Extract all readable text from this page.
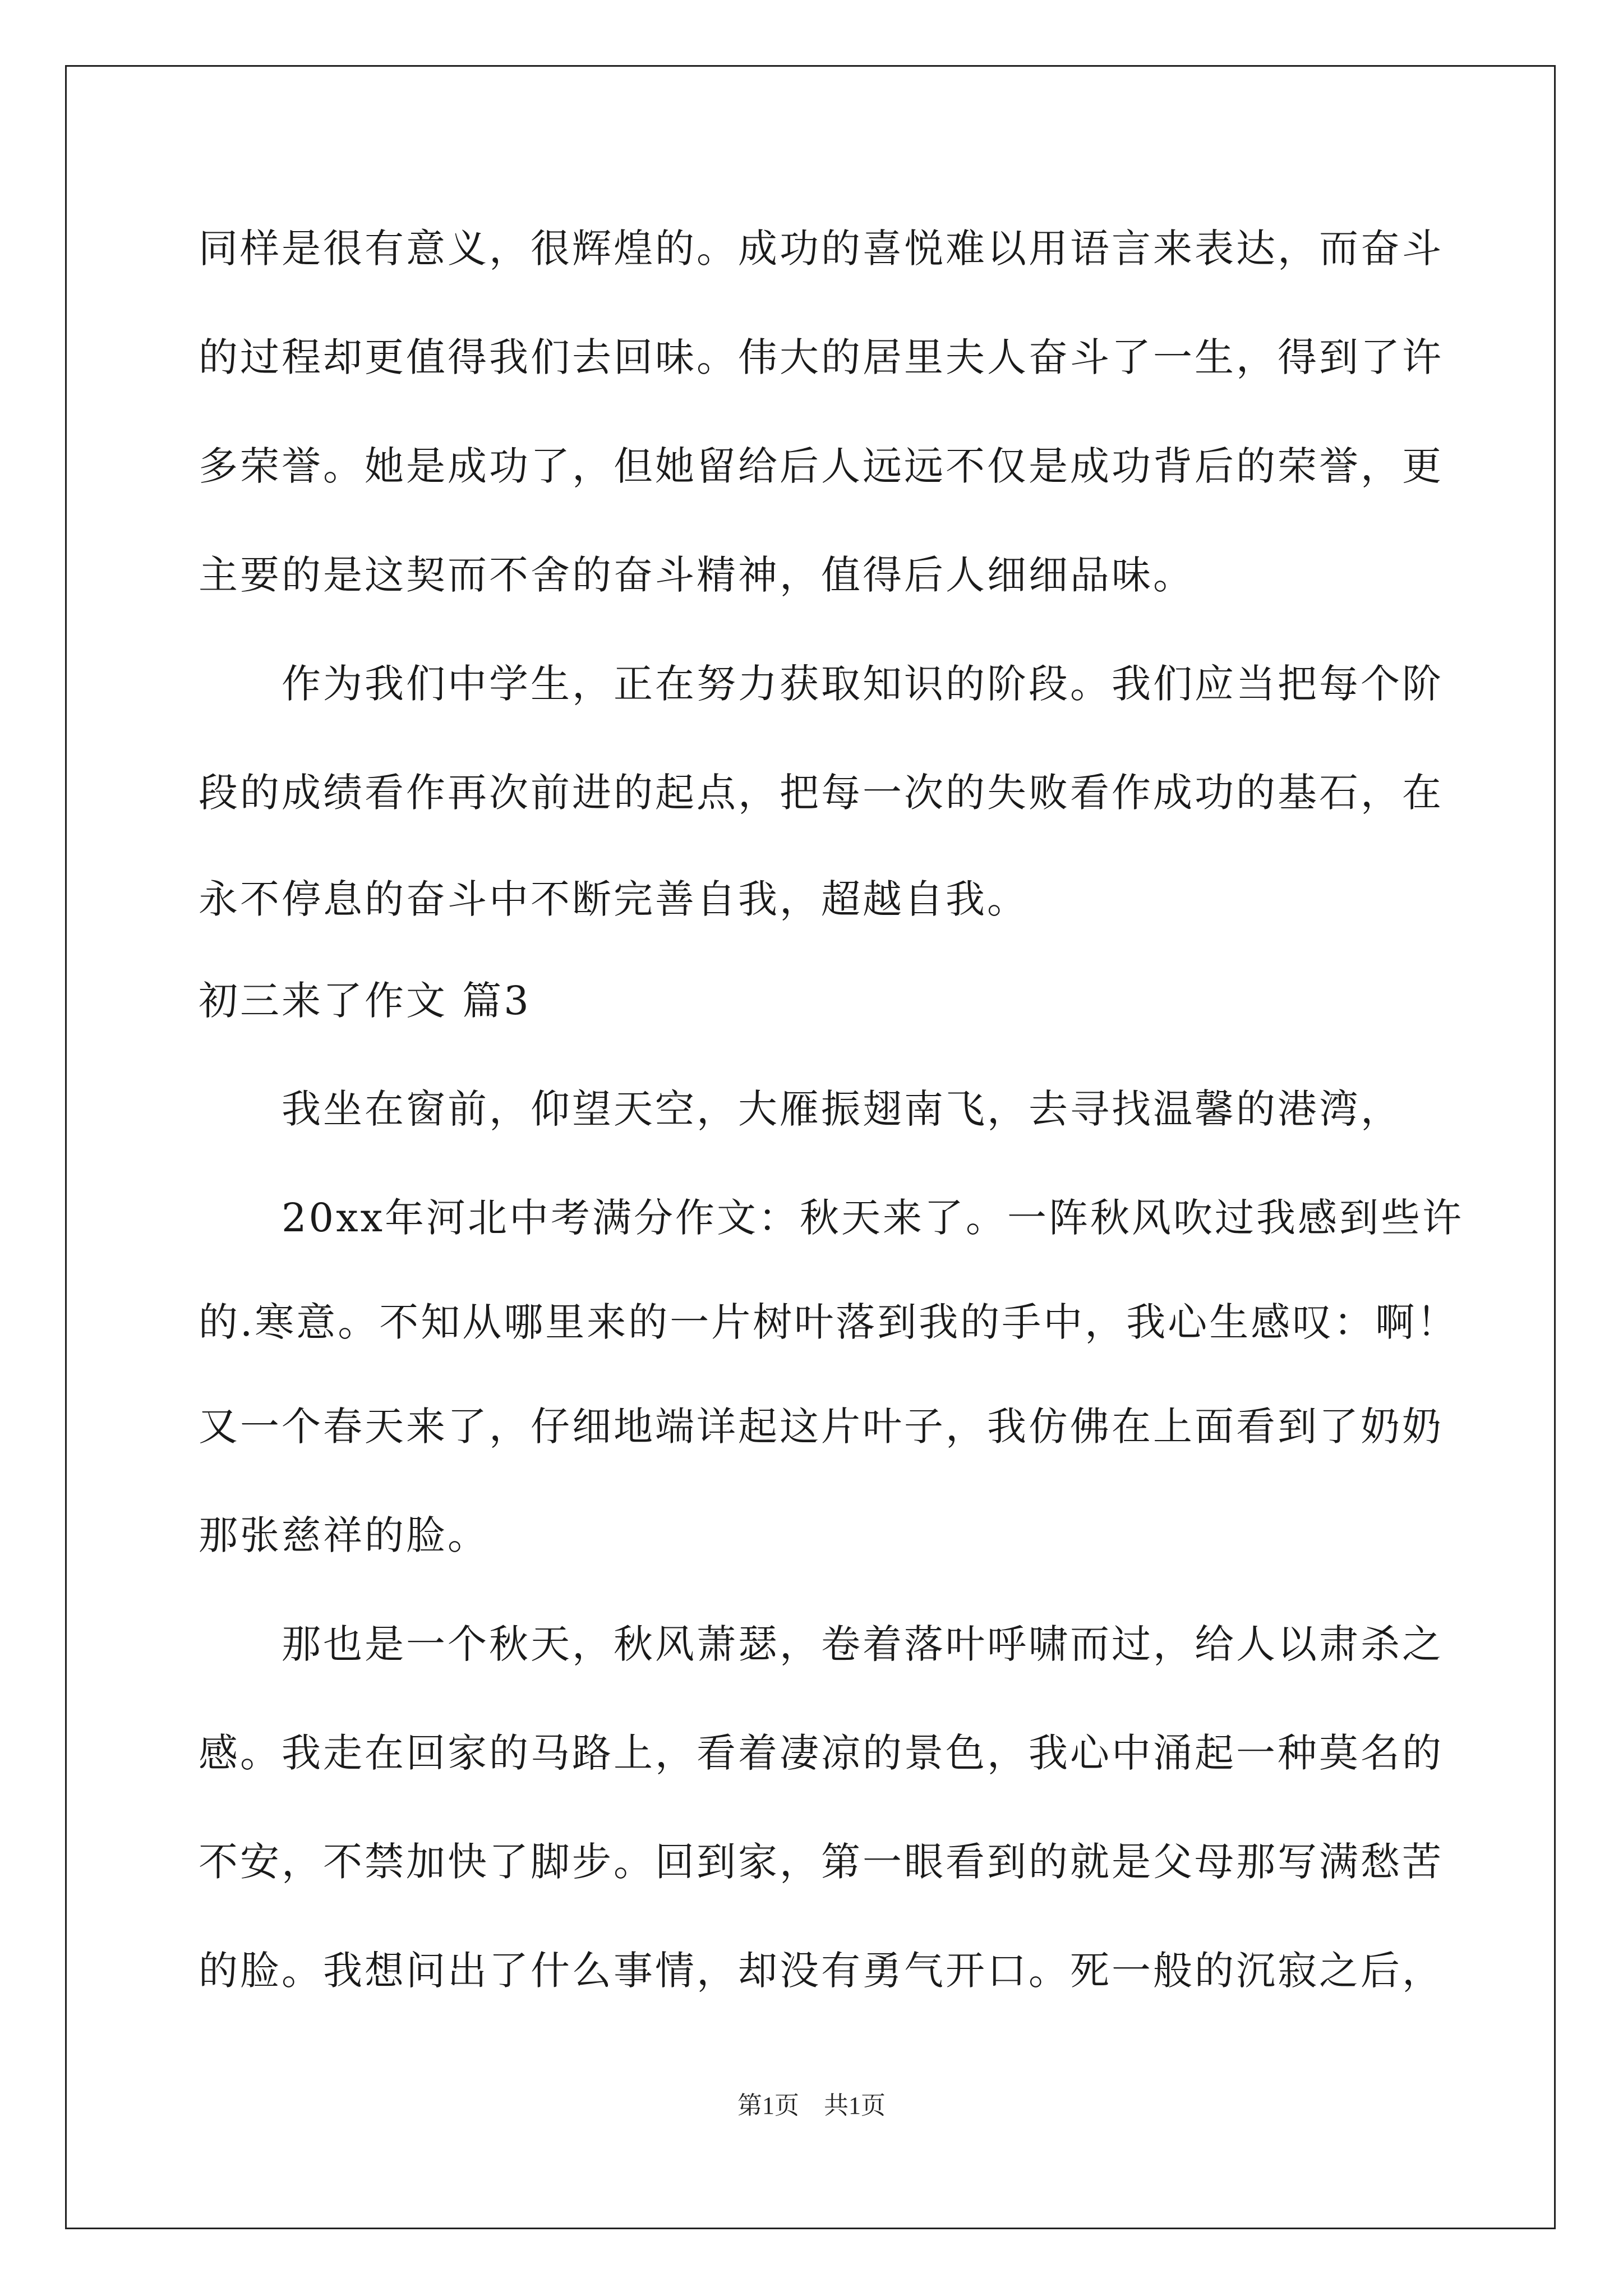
同样是很有意义，很辉煌的。成功的喜悦难以用语言来表达，而奋斗
的过程却更值得我们去回味。伟大的居里夫人奋斗了一生，得到了许
多荣誉。她是成功了，但她留给后人远远不仅是成功背后的荣誉，更
主要的是这契而不舍的奋斗精神，值得后人细细品味。
　　作为我们中学生，正在努力获取知识的阶段。我们应当把每个阶
段的成绩看作再次前进的起点，把每一次的失败看作成功的基石，在
永不停息的奋斗中不断完善自我，超越自我。
初三来了作文 篇3
　　我坐在窗前，仰望天空，大雁振翅南飞，去寻找温馨的港湾，
　　20xx年河北中考满分作文：秋天来了。一阵秋风吹过我感到些许
的.寒意。不知从哪里来的一片树叶落到我的手中，我心生感叹：啊！
又一个春天来了，仔细地端详起这片叶子，我仿佛在上面看到了奶奶
那张慈祥的脸。
　　那也是一个秋天，秋风萧瑟，卷着落叶呼啸而过，给人以肃杀之
感。我走在回家的马路上，看着凄凉的景色，我心中涌起一种莫名的
不安，不禁加快了脚步。回到家，第一眼看到的就是父母那写满愁苦
的脸。我想问出了什么事情，却没有勇气开口。死一般的沉寂之后，
第1页　共1页
